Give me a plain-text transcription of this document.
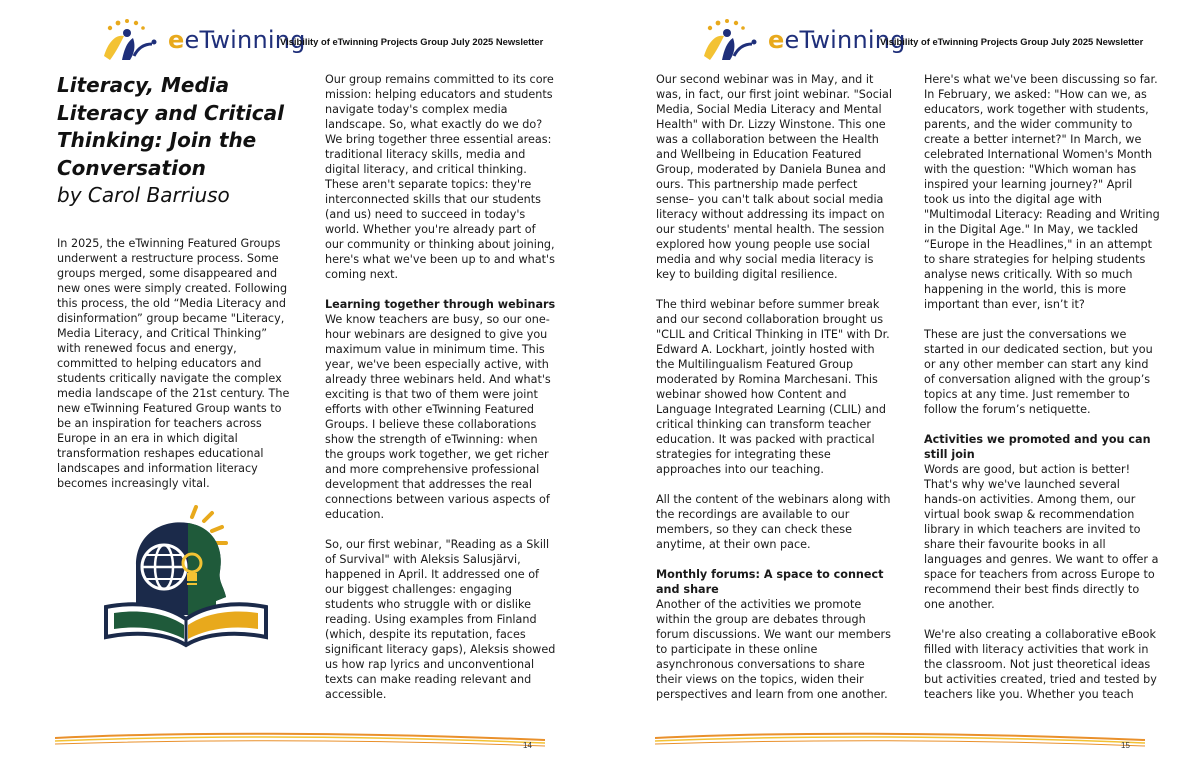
eeTwinning
Visibility of eTwinning Projects Group July 2025 Newsletter
Literacy, Media Literacy and Critical Thinking: Join the Conversation
by Carol Barriuso

In 2025, the eTwinning Featured Groups underwent a restructure process. Some groups merged, some disappeared and new ones were simply created. Following this process, the old “Media Literacy and disinformation” group became "Literacy, Media Literacy, and Critical Thinking” with renewed focus and energy, committed to helping educators and students critically navigate the complex media landscape of the 21st century. The new eTwinning Featured Group wants to be an inspiration for teachers across Europe in an era in which digital transformation reshapes educational landscapes and information literacy becomes increasingly vital.

Our group remains committed to its core mission: helping educators and students navigate today's complex media landscape. So, what exactly do we do? We bring together three essential areas: traditional literacy skills, media and digital literacy, and critical thinking. These aren't separate topics: they're interconnected skills that our students (and us) need to succeed in today's world. Whether you're already part of our community or thinking about joining, here's what we've been up to and what's coming next.

Learning together through webinars

We know teachers are busy, so our one-hour webinars are designed to give you maximum value in minimum time. This year, we've been especially active, with already three webinars held. And what's exciting is that two of them were joint efforts with other eTwinning Featured Groups. I believe these collaborations show the strength of eTwinning: when the groups work together, we get richer and more comprehensive professional development that addresses the real connections between various aspects of education.

So, our first webinar, "Reading as a Skill of Survival" with Aleksis Salusjärvi, happened in April. It addressed one of our biggest challenges: engaging students who struggle with or dislike reading. Using examples from Finland (which, despite its reputation, faces significant literacy gaps), Aleksis showed us how rap lyrics and unconventional texts can make reading relevant and accessible.

14
eeTwinning
Visibility of eTwinning Projects Group July 2025 Newsletter

Our second webinar was in May, and it was, in fact, our first joint webinar. "Social Media, Social Media Literacy and Mental Health" with Dr. Lizzy Winstone. This one was a collaboration between the Health and Wellbeing in Education Featured Group, moderated by Daniela Bunea and ours. This partnership made perfect sense– you can't talk about social media literacy without addressing its impact on our students' mental health. The session explored how young people use social media and why social media literacy is key to building digital resilience.

The third webinar before summer break and our second collaboration brought us "CLIL and Critical Thinking in ITE" with Dr. Edward A. Lockhart, jointly hosted with the Multilingualism Featured Group moderated by Romina Marchesani. This webinar showed how Content and Language Integrated Learning (CLIL) and critical thinking can transform teacher education. It was packed with practical strategies for integrating these approaches into our teaching.

All the content of the webinars along with the recordings are available to our members, so they can check these anytime, at their own pace.

Monthly forums: A space to connect and share

Another of the activities we promote within the group are debates through forum discussions. We want our members to participate in these online asynchronous conversations to share their views on the topics, widen their perspectives and learn from one another.

Here's what we've been discussing so far. In February, we asked: "How can we, as educators, work together with students, parents, and the wider community to create a better internet?" In March, we celebrated International Women's Month with the question: "Which woman has inspired your learning journey?" April took us into the digital age with "Multimodal Literacy: Reading and Writing in the Digital Age." In May, we tackled “Europe in the Headlines," in an attempt to share strategies for helping students analyse news critically. With so much happening in the world, this is more important than ever, isn’t it?

These are just the conversations we started in our dedicated section, but you or any other member can start any kind of conversation aligned with the group’s topics at any time. Just remember to follow the forum’s netiquette.

Activities we promoted and you can still join

Words are good, but action is better! That's why we've launched several hands-on activities. Among them, our virtual book swap & recommendation library in which teachers are invited to share their favourite books in all languages and genres. We want to offer a space for teachers from across Europe to recommend their best finds directly to one another.

We're also creating a collaborative eBook filled with literacy activities that work in the classroom. Not just theoretical ideas but activities created, tried and tested by teachers like you. Whether you teach

15
